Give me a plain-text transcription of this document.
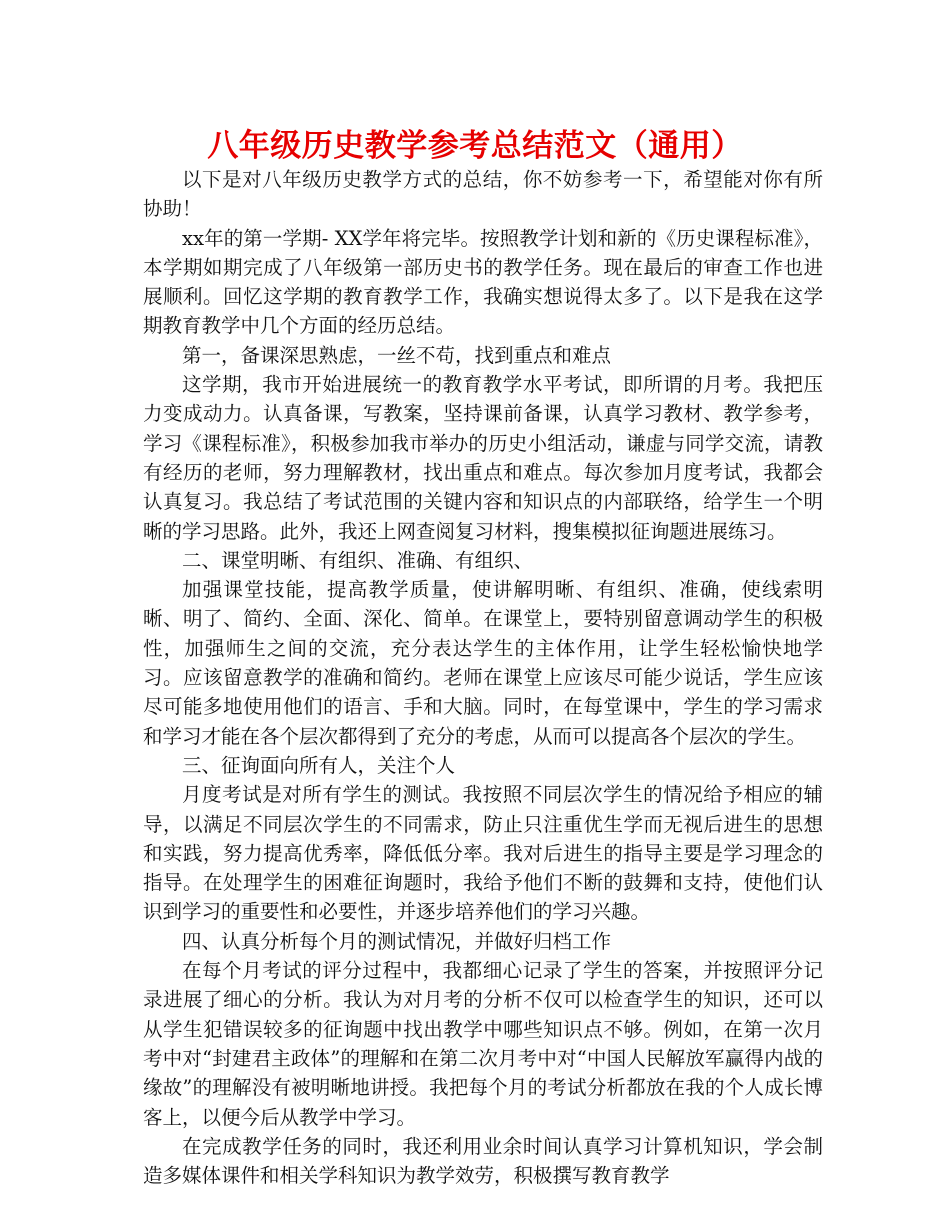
八年级历史教学参考总结范文（通用）

以下是对八年级历史教学方式的总结，你不妨参考一下，希望能对你有所协助！

xx年的第一学期- XX学年将完毕。按照教学计划和新的《历史课程标准》，本学期如期完成了八年级第一部历史书的教学任务。现在最后的审查工作也进展顺利。回忆这学期的教育教学工作，我确实想说得太多了。以下是我在这学期教育教学中几个方面的经历总结。

第一，备课深思熟虑，一丝不苟，找到重点和难点

这学期，我市开始进展统一的教育教学水平考试，即所谓的月考。我把压力变成动力。认真备课，写教案，坚持课前备课，认真学习教材、教学参考，学习《课程标准》，积极参加我市举办的历史小组活动，谦虚与同学交流，请教有经历的老师，努力理解教材，找出重点和难点。每次参加月度考试，我都会认真复习。我总结了考试范围的关键内容和知识点的内部联络，给学生一个明晰的学习思路。此外，我还上网查阅复习材料，搜集模拟征询题进展练习。

二、课堂明晰、有组织、准确、有组织、

加强课堂技能，提高教学质量，使讲解明晰、有组织、准确，使线索明晰、明了、简约、全面、深化、简单。在课堂上，要特别留意调动学生的积极性，加强师生之间的交流，充分表达学生的主体作用，让学生轻松愉快地学习。应该留意教学的准确和简约。老师在课堂上应该尽可能少说话，学生应该尽可能多地使用他们的语言、手和大脑。同时，在每堂课中，学生的学习需求和学习才能在各个层次都得到了充分的考虑，从而可以提高各个层次的学生。

三、征询面向所有人，关注个人

月度考试是对所有学生的测试。我按照不同层次学生的情况给予相应的辅导，以满足不同层次学生的不同需求，防止只注重优生学而无视后进生的思想和实践，努力提高优秀率，降低低分率。我对后进生的指导主要是学习理念的指导。在处理学生的困难征询题时，我给予他们不断的鼓舞和支持，使他们认识到学习的重要性和必要性，并逐步培养他们的学习兴趣。

四、认真分析每个月的测试情况，并做好归档工作

在每个月考试的评分过程中，我都细心记录了学生的答案，并按照评分记录进展了细心的分析。我认为对月考的分析不仅可以检查学生的知识，还可以从学生犯错误较多的征询题中找出教学中哪些知识点不够。例如，在第一次月考中对“封建君主政体”的理解和在第二次月考中对“中国人民解放军赢得内战的缘故”的理解没有被明晰地讲授。我把每个月的考试分析都放在我的个人成长博客上，以便今后从教学中学习。

在完成教学任务的同时，我还利用业余时间认真学习计算机知识，学会制造多媒体课件和相关学科知识为教学效劳，积极撰写教育教学
